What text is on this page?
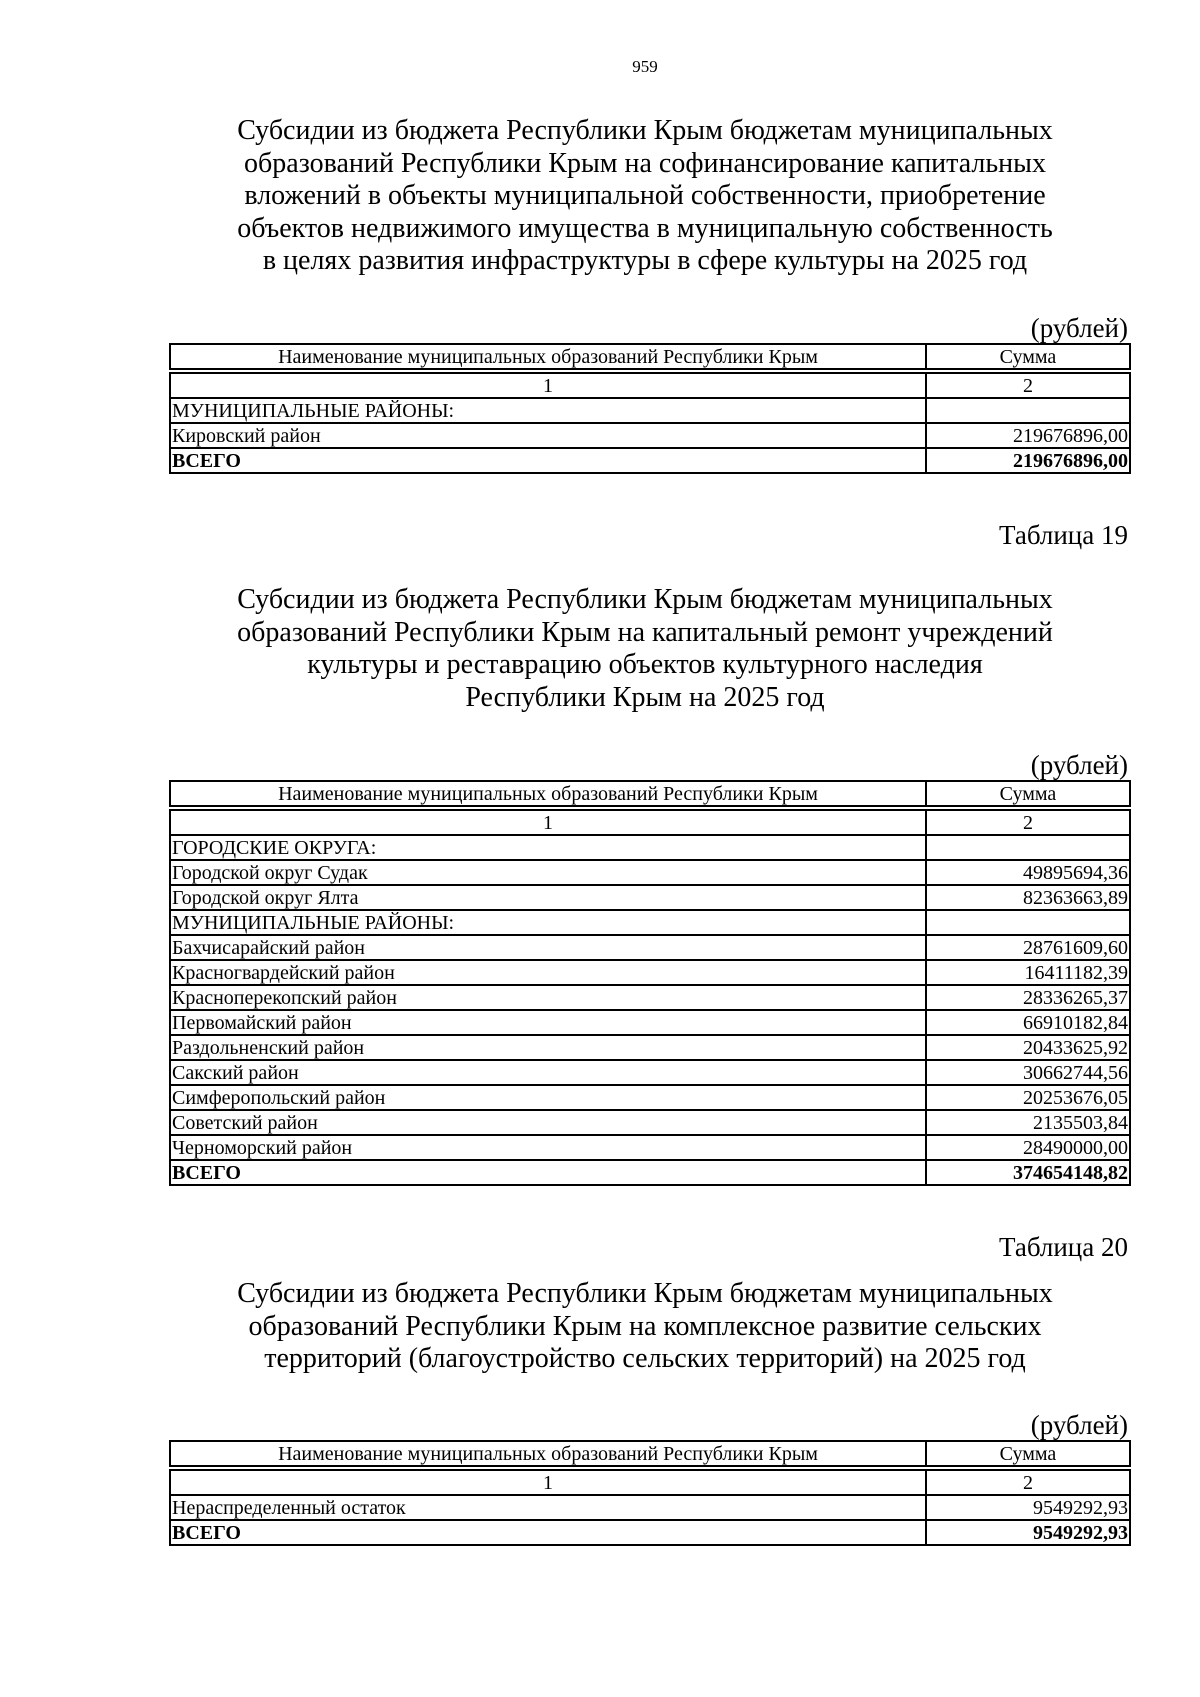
959
Субсидии из бюджета Республики Крым бюджетам муниципальных
образований Республики Крым на софинансирование капитальных
вложений в объекты муниципальной собственности, приобретение
объектов недвижимого имущества в муниципальную собственность
в целях развития инфраструктуры в сфере культуры на 2025 год
(рублей)
Наименование муниципальных образований Республики Крым	Сумма

1	2
МУНИЦИПАЛЬНЫЕ РАЙОНЫ:	
Кировский район	219676896,00
ВСЕГО	219676896,00
Таблица 19
Субсидии из бюджета Республики Крым бюджетам муниципальных
образований Республики Крым на капитальный ремонт учреждений
культуры и реставрацию объектов культурного наследия
Республики Крым на 2025 год
(рублей)
Наименование муниципальных образований Республики Крым	Сумма

1	2
ГОРОДСКИЕ ОКРУГА:	
Городской округ Судак	49895694,36
Городской округ Ялта	82363663,89
МУНИЦИПАЛЬНЫЕ РАЙОНЫ:	
Бахчисарайский район	28761609,60
Красногвардейский район	16411182,39
Красноперекопский район	28336265,37
Первомайский район	66910182,84
Раздольненский район	20433625,92
Сакский район	30662744,56
Симферопольский район	20253676,05
Советский район	2135503,84
Черноморский район	28490000,00
ВСЕГО	374654148,82
Таблица 20
Субсидии из бюджета Республики Крым бюджетам муниципальных
образований Республики Крым на комплексное развитие сельских
территорий (благоустройство сельских территорий) на 2025 год
(рублей)
Наименование муниципальных образований Республики Крым	Сумма

1	2
Нераспределенный остаток	9549292,93
ВСЕГО	9549292,93
